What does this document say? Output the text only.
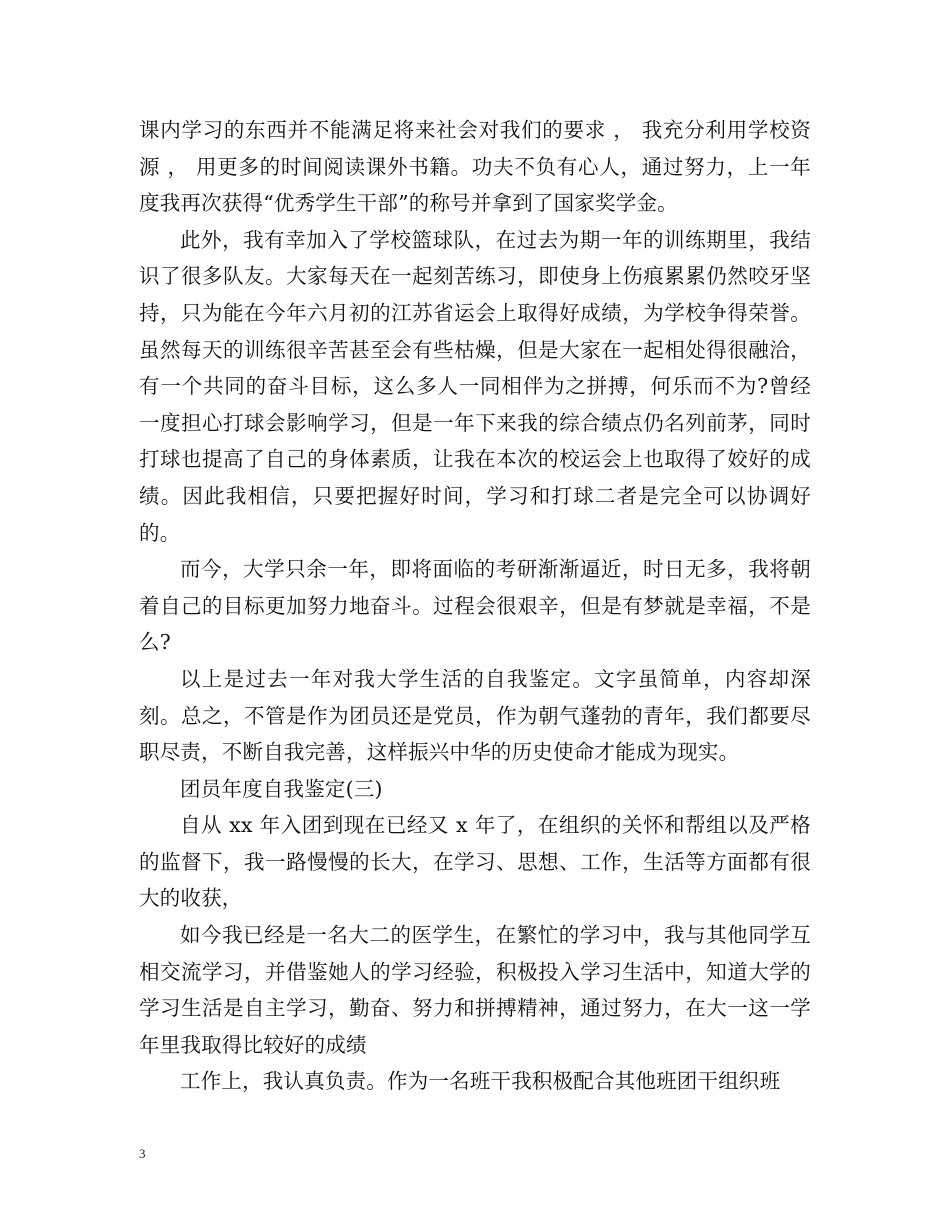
课内学习的东西并不能满足将来社会对我们的要求 ， 我充分利用学校资源 ， 用更多的时间阅读课外书籍。功夫不负有心人，通过努力，上一年度我再次获得“优秀学生干部”的称号并拿到了国家奖学金。

此外，我有幸加入了学校篮球队，在过去为期一年的训练期里，我结识了很多队友。大家每天在一起刻苦练习，即使身上伤痕累累仍然咬牙坚持，只为能在今年六月初的江苏省运会上取得好成绩，为学校争得荣誉。虽然每天的训练很辛苦甚至会有些枯燥，但是大家在一起相处得很融洽，有一个共同的奋斗目标，这么多人一同相伴为之拼搏，何乐而不为?曾经一度担心打球会影响学习，但是一年下来我的综合绩点仍名列前茅，同时打球也提高了自己的身体素质，让我在本次的校运会上也取得了姣好的成绩。因此我相信，只要把握好时间，学习和打球二者是完全可以协调好的。

而今，大学只余一年，即将面临的考研渐渐逼近，时日无多，我将朝着自己的目标更加努力地奋斗。过程会很艰辛，但是有梦就是幸福，不是么?

以上是过去一年对我大学生活的自我鉴定。文字虽简单，内容却深刻。总之，不管是作为团员还是党员，作为朝气蓬勃的青年，我们都要尽职尽责，不断自我完善，这样振兴中华的历史使命才能成为现实。

团员年度自我鉴定(三)

自从 xx 年入团到现在已经又 x 年了，在组织的关怀和帮组以及严格的监督下，我一路慢慢的长大，在学习、思想、工作，生活等方面都有很大的收获，

如今我已经是一名大二的医学生，在繁忙的学习中，我与其他同学互相交流学习，并借鉴她人的学习经验，积极投入学习生活中，知道大学的学习生活是自主学习，勤奋、努力和拼搏精神，通过努力，在大一这一学年里我取得比较好的成绩

工作上，我认真负责。作为一名班干我积极配合其他班团干组织班

3
